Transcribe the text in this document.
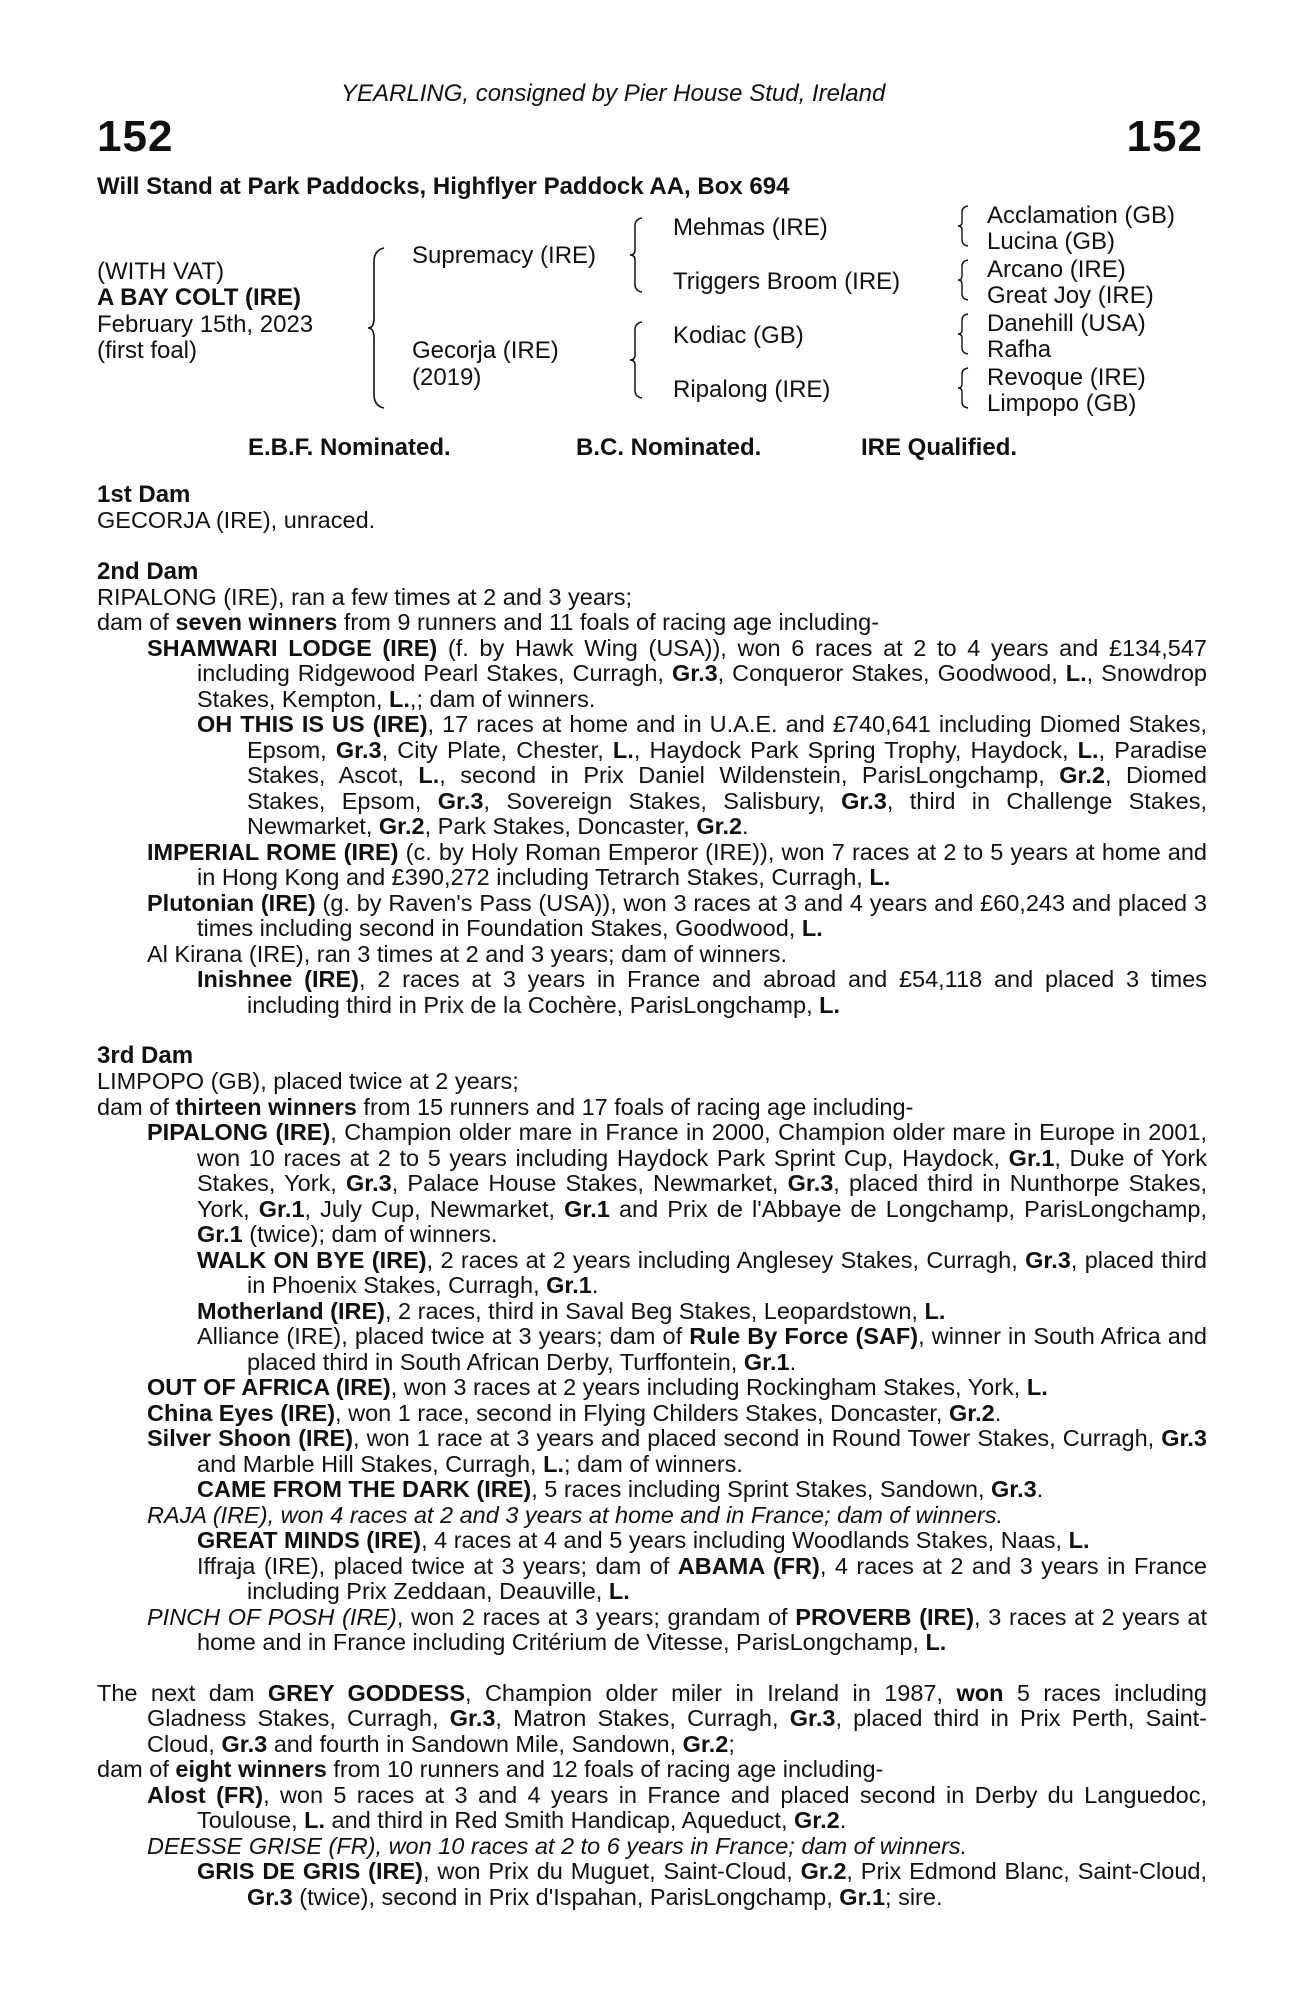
YEARLING, consigned by Pier House Stud, Ireland
152	152
Will Stand at Park Paddocks, Highflyer Paddock AA, Box 694
(WITH VAT)
A BAY COLT (IRE)
February 15th, 2023
(first foal)
Supremacy (IRE)
Gecorja (IRE)
(2019)
Mehmas (IRE)
Triggers Broom (IRE)
Kodiac (GB)
Ripalong (IRE)
Acclamation (GB)
Lucina (GB)
Arcano (IRE)
Great Joy (IRE)
Danehill (USA)
Rafha
Revoque (IRE)
Limpopo (GB)
E.B.F. Nominated.	B.C. Nominated.	IRE Qualified.
1st Dam
GECORJA (IRE), unraced.
2nd Dam
RIPALONG (IRE), ran a few times at 2 and 3 years;
dam of seven winners from 9 runners and 11 foals of racing age including-
SHAMWARI LODGE (IRE) (f. by Hawk Wing (USA)), won 6 races at 2 to 4 years and £134,547 including Ridgewood Pearl Stakes, Curragh, Gr.3, Conqueror Stakes, Goodwood, L., Snowdrop Stakes, Kempton, L.,; dam of winners.
OH THIS IS US (IRE), 17 races at home and in U.A.E. and £740,641 including Diomed Stakes, Epsom, Gr.3, City Plate, Chester, L., Haydock Park Spring Trophy, Haydock, L., Paradise Stakes, Ascot, L., second in Prix Daniel Wildenstein, ParisLongchamp, Gr.2, Diomed Stakes, Epsom, Gr.3, Sovereign Stakes, Salisbury, Gr.3, third in Challenge Stakes, Newmarket, Gr.2, Park Stakes, Doncaster, Gr.2.
IMPERIAL ROME (IRE) (c. by Holy Roman Emperor (IRE)), won 7 races at 2 to 5 years at home and in Hong Kong and £390,272 including Tetrarch Stakes, Curragh, L.
Plutonian (IRE) (g. by Raven's Pass (USA)), won 3 races at 3 and 4 years and £60,243 and placed 3 times including second in Foundation Stakes, Goodwood, L.
Al Kirana (IRE), ran 3 times at 2 and 3 years; dam of winners.
Inishnee (IRE), 2 races at 3 years in France and abroad and £54,118 and placed 3 times including third in Prix de la Cochère, ParisLongchamp, L.
3rd Dam
LIMPOPO (GB), placed twice at 2 years;
dam of thirteen winners from 15 runners and 17 foals of racing age including-
PIPALONG (IRE), Champion older mare in France in 2000, Champion older mare in Europe in 2001, won 10 races at 2 to 5 years including Haydock Park Sprint Cup, Haydock, Gr.1, Duke of York Stakes, York, Gr.3, Palace House Stakes, Newmarket, Gr.3, placed third in Nunthorpe Stakes, York, Gr.1, July Cup, Newmarket, Gr.1 and Prix de l'Abbaye de Longchamp, ParisLongchamp, Gr.1 (twice); dam of winners.
WALK ON BYE (IRE), 2 races at 2 years including Anglesey Stakes, Curragh, Gr.3, placed third in Phoenix Stakes, Curragh, Gr.1.
Motherland (IRE), 2 races, third in Saval Beg Stakes, Leopardstown, L.
Alliance (IRE), placed twice at 3 years; dam of Rule By Force (SAF), winner in South Africa and placed third in South African Derby, Turffontein, Gr.1.
OUT OF AFRICA (IRE), won 3 races at 2 years including Rockingham Stakes, York, L.
China Eyes (IRE), won 1 race, second in Flying Childers Stakes, Doncaster, Gr.2.
Silver Shoon (IRE), won 1 race at 3 years and placed second in Round Tower Stakes, Curragh, Gr.3 and Marble Hill Stakes, Curragh, L.; dam of winners.
CAME FROM THE DARK (IRE), 5 races including Sprint Stakes, Sandown, Gr.3.
RAJA (IRE), won 4 races at 2 and 3 years at home and in France; dam of winners.
GREAT MINDS (IRE), 4 races at 4 and 5 years including Woodlands Stakes, Naas, L.
Iffraja (IRE), placed twice at 3 years; dam of ABAMA (FR), 4 races at 2 and 3 years in France including Prix Zeddaan, Deauville, L.
PINCH OF POSH (IRE), won 2 races at 3 years; grandam of PROVERB (IRE), 3 races at 2 years at home and in France including Critérium de Vitesse, ParisLongchamp, L.
The next dam GREY GODDESS, Champion older miler in Ireland in 1987, won 5 races including Gladness Stakes, Curragh, Gr.3, Matron Stakes, Curragh, Gr.3, placed third in Prix Perth, Saint-Cloud, Gr.3 and fourth in Sandown Mile, Sandown, Gr.2;
dam of eight winners from 10 runners and 12 foals of racing age including-
Alost (FR), won 5 races at 3 and 4 years in France and placed second in Derby du Languedoc, Toulouse, L. and third in Red Smith Handicap, Aqueduct, Gr.2.
DEESSE GRISE (FR), won 10 races at 2 to 6 years in France; dam of winners.
GRIS DE GRIS (IRE), won Prix du Muguet, Saint-Cloud, Gr.2, Prix Edmond Blanc, Saint-Cloud, Gr.3 (twice), second in Prix d'Ispahan, ParisLongchamp, Gr.1; sire.
